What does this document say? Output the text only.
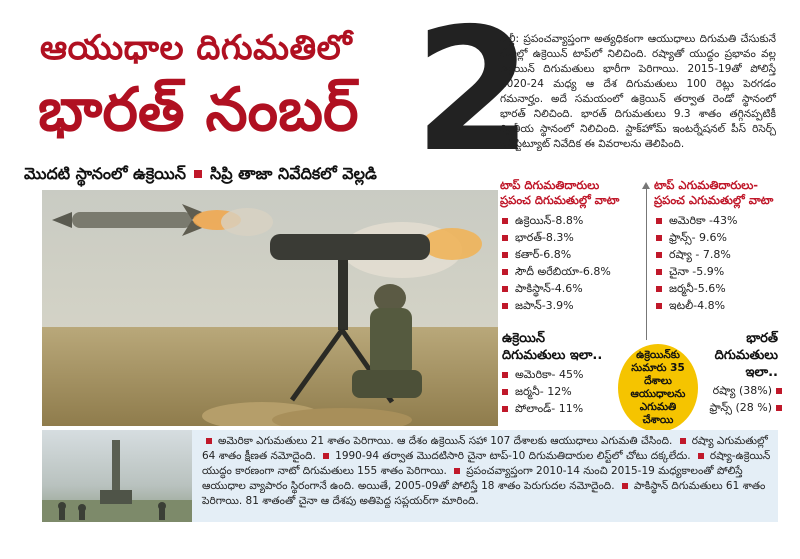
ఆయుధాల దిగుమతిలో
భారత్ నంబర్ 2
మొదటి స్థానంలో ఉక్రెయిన్ సిప్రి తాజా నివేదికలో వెల్లడి

ఢిల్లీ: ప్రపంచవ్యాప్తంగా అత్యధికంగా ఆయుధాలు దిగుమతి చేసుకునే దేశాల్లో ఉక్రెయిన్ టాప్‌లో నిలిచింది. రష్యాతో యుద్ధం ప్రభావం వల్ల ఉక్రెయిన్ దిగుమతులు భారీగా పెరిగాయి. 2015-19తో పోలిస్తే 2020-24 మధ్య ఆ దేశ దిగుమతులు 100 రెట్లు పెరగడం గమనార్హం. అదే సమయంలో ఉక్రెయిన్ తర్వాత రెండో స్థానంలో భారత్ నిలిచింది. భారత్ దిగుమతులు 9.3 శాతం తగ్గినప్పటికీ ద్వితీయ స్థానంలో నిలిచింది. స్టాక్‌హోమ్ ఇంటర్నేషనల్ పీస్ రిసెర్చ్ ఇన్‌స్టిట్యూట్ నివేదిక ఈ వివరాలను తెలిపింది.

టాప్ దిగుమతిదారులు
ప్రపంచ దిగుమతుల్లో వాటా
ఉక్రెయిన్-8.8%
భారత్-8.3%
కతార్-6.8%
సౌదీ అరేబియా-6.8%
పాకిస్థాన్-4.6%
జపాన్-3.9%
టాప్ ఎగుమతిదారులు-
ప్రపంచ ఎగుమతుల్లో వాటా
అమెరికా -43%
ఫ్రాన్స్- 9.6%
రష్యా - 7.8%
చైనా -5.9%
జర్మనీ-5.6%
ఇటలీ-4.8%
ఉక్రెయిన్
దిగుమతులు ఇలా..
అమెరికా- 45%
జర్మనీ- 12%
పోలాండ్- 11%
ఉక్రెయిన్‌కు సుమారు 35 దేశాలు ఆయుధాలను ఎగుమతి చేశాయి
భారత్
దిగుమతులు
ఇలా..
రష్యా (38%)
ఫ్రాన్స్ (28 %)
అమెరికా ఎగుమతులు 21 శాతం పెరిగాయి. ఆ దేశం ఉక్రెయిన్ సహా 107 దేశాలకు ఆయుధాలు ఎగుమతి చేసింది. రష్యా ఎగుమతుల్లో 64 శాతం క్షీణత నమోదైంది. 1990-94 తర్వాత మొదటిసారి చైనా టాప్-10 దిగుమతిదారుల లిస్ట్‌లో చోటు దక్కలేదు. రష్యా-ఉక్రెయిన్ యుద్ధం కారణంగా నాటో దిగుమతులు 155 శాతం పెరిగాయి. ప్రపంచవ్యాప్తంగా 2010-14 నుంచి 2015-19 మధ్యకాలంతో పోలిస్తే ఆయుధాల వ్యాపారం స్థిరంగానే ఉంది. అయితే, 2005-09తో పోలిస్తే 18 శాతం పెరుగుదల నమోదైంది. పాకిస్థాన్ దిగుమతులు 61 శాతం పెరిగాయి. 81 శాతంతో చైనా ఆ దేశపు అతిపెద్ద సప్లయర్‌గా మారింది.
